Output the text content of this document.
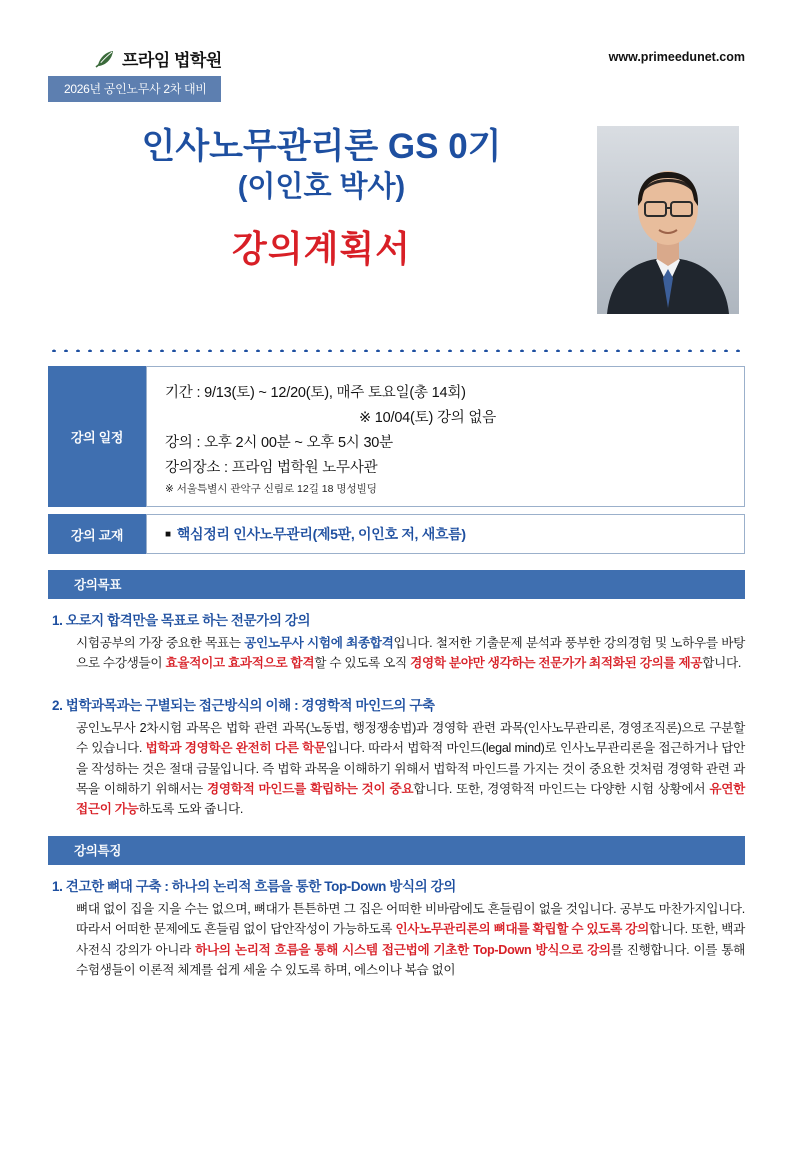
프라임 법학원	www.primeedunet.com
2026년 공인노무사 2차 대비
인사노무관리론 GS 0기
(이인호 박사)
강의계획서
강의 일정
기간 : 9/13(토) ~ 12/20(토), 매주 토요일(총 14회)
※ 10/04(토) 강의 없음
강의 : 오후 2시 00분 ~ 오후 5시 30분
강의장소 : 프라임 법학원 노무사관
※ 서울특별시 관악구 신림로 12길 18 명성빌딩
강의 교재	■ 핵심정리 인사노무관리(제5판, 이인호 저, 새흐름)
강의목표
1. 오로지 합격만을 목표로 하는 전문가의 강의

시험공부의 가장 중요한 목표는 공인노무사 시험에 최종합격입니다. 철저한 기출문제 분석과 풍부한 강의경험 및 노하우를 바탕으로 수강생들이 효율적이고 효과적으로 합격할 수 있도록 오직 경영학 분야만 생각하는 전문가가 최적화된 강의를 제공합니다.

2. 법학과목과는 구별되는 접근방식의 이해 : 경영학적 마인드의 구축

공인노무사 2차시험 과목은 법학 관련 과목(노동법, 행정쟁송법)과 경영학 관련 과목(인사노무관리론, 경영조직론)으로 구분할 수 있습니다. 법학과 경영학은 완전히 다른 학문입니다. 따라서 법학적 마인드(legal mind)로 인사노무관리론을 접근하거나 답안을 작성하는 것은 절대 금물입니다. 즉 법학 과목을 이해하기 위해서 법학적 마인드를 가지는 것이 중요한 것처럼 경영학 관련 과목을 이해하기 위해서는 경영학적 마인드를 확립하는 것이 중요합니다. 또한, 경영학적 마인드는 다양한 시험 상황에서 유연한 접근이 가능하도록 도와 줍니다.

강의특징
1. 견고한 뼈대 구축 : 하나의 논리적 흐름을 통한 Top-Down 방식의 강의

뼈대 없이 집을 지을 수는 없으며, 뼈대가 튼튼하면 그 집은 어떠한 비바람에도 흔들림이 없을 것입니다. 공부도 마찬가지입니다. 따라서 어떠한 문제에도 흔들림 없이 답안작성이 가능하도록 인사노무관리론의 뼈대를 확립할 수 있도록 강의합니다. 또한, 백과사전식 강의가 아니라 하나의 논리적 흐름을 통해 시스템 접근법에 기초한 Top-Down 방식으로 강의를 진행합니다. 이를 통해 수험생들이 이론적 체계를 쉽게 세울 수 있도록 하며, 에스이나 복습 없이
